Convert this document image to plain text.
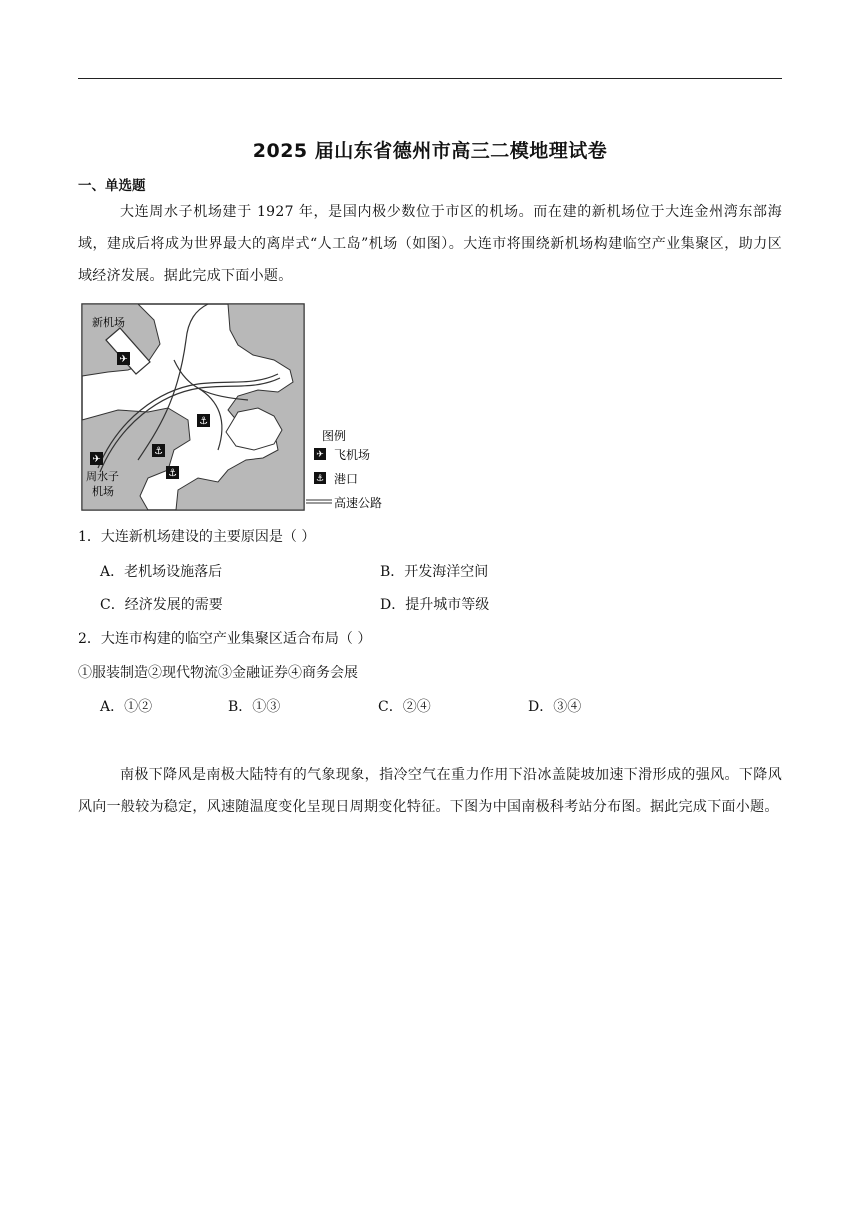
2025 届山东省德州市高三二模地理试卷
一、单选题
大连周水子机场建于 1927 年，是国内极少数位于市区的机场。而在建的新机场位于大连金州湾东部海域，建成后将成为世界最大的离岸式“人工岛”机场（如图）。大连市将围绕新机场构建临空产业集聚区，助力区域经济发展。据此完成下面小题。
✈
✈
⚓
⚓
⚓
新机场
周水子
机场
图例
✈ 飞机场
⚓ 港口
高速公路
1．大连新机场建设的主要原因是（ ）
A．老机场设施落后	B．开发海洋空间
C．经济发展的需要	D．提升城市等级
2．大连市构建的临空产业集聚区适合布局（ ）
①服装制造②现代物流③金融证券④商务会展
A．①②	B．①③	C．②④	D．③④
南极下降风是南极大陆特有的气象现象，指冷空气在重力作用下沿冰盖陡坡加速下滑形成的强风。下降风风向一般较为稳定，风速随温度变化呈现日周期变化特征。下图为中国南极科考站分布图。据此完成下面小题。
